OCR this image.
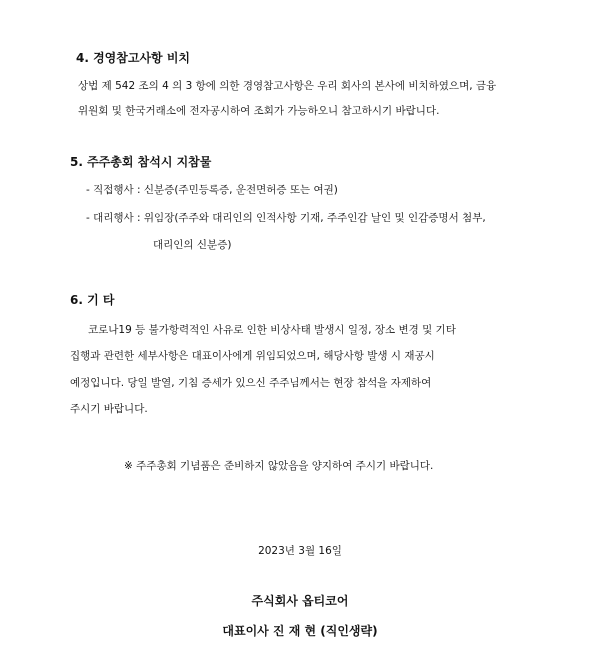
4. 경영참고사항 비치
상법 제 542 조의 4 의 3 항에 의한 경영참고사항은 우리 회사의 본사에 비치하였으며, 금융
위원회 및 한국거래소에 전자공시하여 조회가 가능하오니 참고하시기 바랍니다.
5. 주주총회 참석시 지참물
- 직접행사 : 신분증(주민등록증, 운전면허증 또는 여권)
- 대리행사 : 위임장(주주와 대리인의 인적사항 기재, 주주인감 날인 및 인감증명서 첨부,
대리인의 신분증)
6. 기 타
코로나19 등 불가항력적인 사유로 인한 비상사태 발생시 일정, 장소 변경 및 기타
집행과 관련한 세부사항은 대표이사에게 위임되었으며, 해당사항 발생 시 재공시
예정입니다. 당일 발열, 기침 증세가 있으신 주주님께서는 현장 참석을 자제하여
주시기 바랍니다.
※ 주주총회 기념품은 준비하지 않았음을 양지하여 주시기 바랍니다.
2023년 3월 16일
주식회사 옵티코어
대표이사 진 재 현 (직인생략)
